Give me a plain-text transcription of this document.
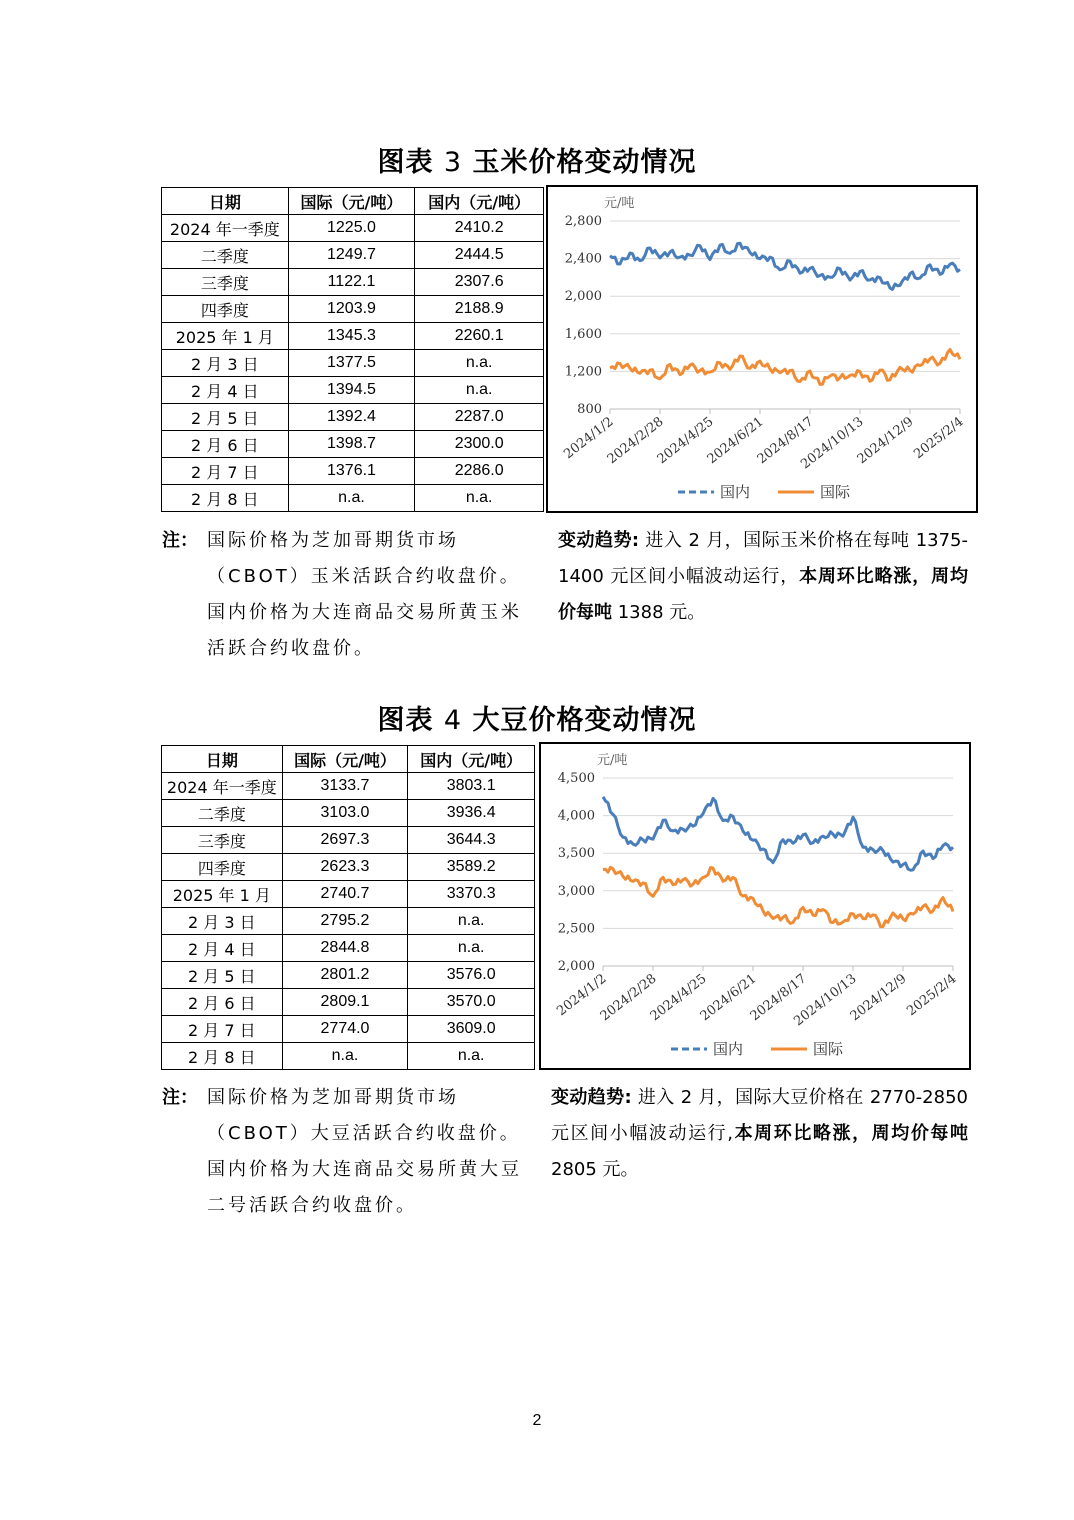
图表 3 玉米价格变动情况
日期	国际（元/吨）	国内（元/吨）
2024 年一季度	1225.0	2410.2
二季度	1249.7	2444.5
三季度	1122.1	2307.6
四季度	1203.9	2188.9
2025 年 1 月	1345.3	2260.1
2 月 3 日	1377.5	n.a.
2 月 4 日	1394.5	n.a.
2 月 5 日	1392.4	2287.0
2 月 6 日	1398.7	2300.0
2 月 7 日	1376.1	2286.0
2 月 8 日	n.a.	n.a.
元/吨
2,800
2,400
2,000
1,600
1,200
800
2024/1/2
2024/2/28
2024/4/25
2024/6/21
2024/8/17
2024/10/13
2024/12/9
2025/2/4
国内	国际
注： 国际价格为芝加哥期货市场（CBOT）玉米活跃合约收盘价。国内价格为大连商品交易所黄玉米活跃合约收盘价。
变动趋势: 进入 2 月，国际玉米价格在每吨 1375-1400 元区间小幅波动运行，本周环比略涨，周均价每吨 1388 元。
图表 4 大豆价格变动情况
日期	国际（元/吨）	国内（元/吨）
2024 年一季度	3133.7	3803.1
二季度	3103.0	3936.4
三季度	2697.3	3644.3
四季度	2623.3	3589.2
2025 年 1 月	2740.7	3370.3
2 月 3 日	2795.2	n.a.
2 月 4 日	2844.8	n.a.
2 月 5 日	2801.2	3576.0
2 月 6 日	2809.1	3570.0
2 月 7 日	2774.0	3609.0
2 月 8 日	n.a.	n.a.
元/吨
4,500
4,000
3,500
3,000
2,500
2,000
2024/1/2
2024/2/28
2024/4/25
2024/6/21
2024/8/17
2024/10/13
2024/12/9
2025/2/4
国内	国际
注： 国际价格为芝加哥期货市场（CBOT）大豆活跃合约收盘价。国内价格为大连商品交易所黄大豆二号活跃合约收盘价。
变动趋势: 进入 2 月，国际大豆价格在 2770-2850 元区间小幅波动运行,本周环比略涨，周均价每吨 2805 元。
2
